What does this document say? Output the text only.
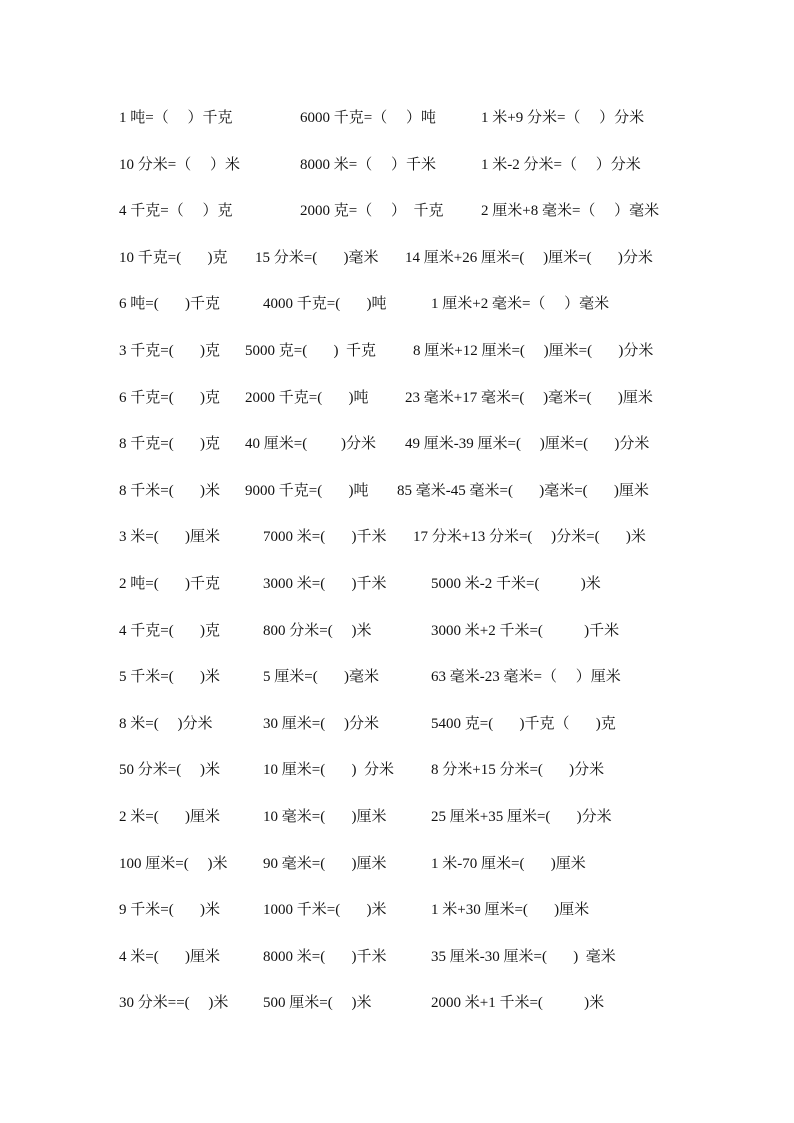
1 吨=（     ）千克	6000 千克=（     ）吨	1 米+9 分米=（     ）分米
10 分米=（     ）米	8000 米=（     ）千米	1 米-2 分米=（     ）分米
4 千克=（     ）克	2000 克=（     ）  千克	2 厘米+8 毫米=（     ）毫米
10 千克=(       )克 15 分米=(       )毫米 14 厘米+26 厘米=(     )厘米=(       )分米
6 吨=(       )千克	4000 千克=(       )吨	1 厘米+2 毫米=（     ）毫米
3 千克=(       )克 5000 克=(       )  千克 8 厘米+12 厘米=(     )厘米=(       )分米
6 千克=(       )克 2000 千克=(       )吨 23 毫米+17 毫米=(     )毫米=(       )厘米
8 千克=(       )克 40 厘米=(         )分米 49 厘米-39 厘米=(     )厘米=(       )分米
8 千米=(       )米 9000 千克=(       )吨 85 毫米-45 毫米=(       )毫米=(       )厘米
3 米=(       )厘米	7000 米=(       )千米 17 分米+13 分米=(     )分米=(       )米
2 吨=(       )千克	3000 米=(       )千米	5000 米-2 千米=(           )米
4 千克=(       )克	800 分米=(     )米	3000 米+2 千米=(           )千米
5 千米=(       )米	5 厘米=(       )毫米	63 毫米-23 毫米=（     ）厘米
8 米=(     )分米	30 厘米=(     )分米	5400 克=(       )千克（       )克
50 分米=(     )米	10 厘米=(       )  分米 8 分米+15 分米=(       )分米
2 米=(       )厘米	10 毫米=(       )厘米	25 厘米+35 厘米=(       )分米
100 厘米=(     )米 90 毫米=(       )厘米	1 米-70 厘米=(       )厘米
9 千米=(       )米	1000 千米=(       )米	1 米+30 厘米=(       )厘米
4 米=(       )厘米	8000 米=(       )千米	35 厘米-30 厘米=(       )  毫米
30 分米==(     )米 500 厘米=(     )米	2000 米+1 千米=(           )米
